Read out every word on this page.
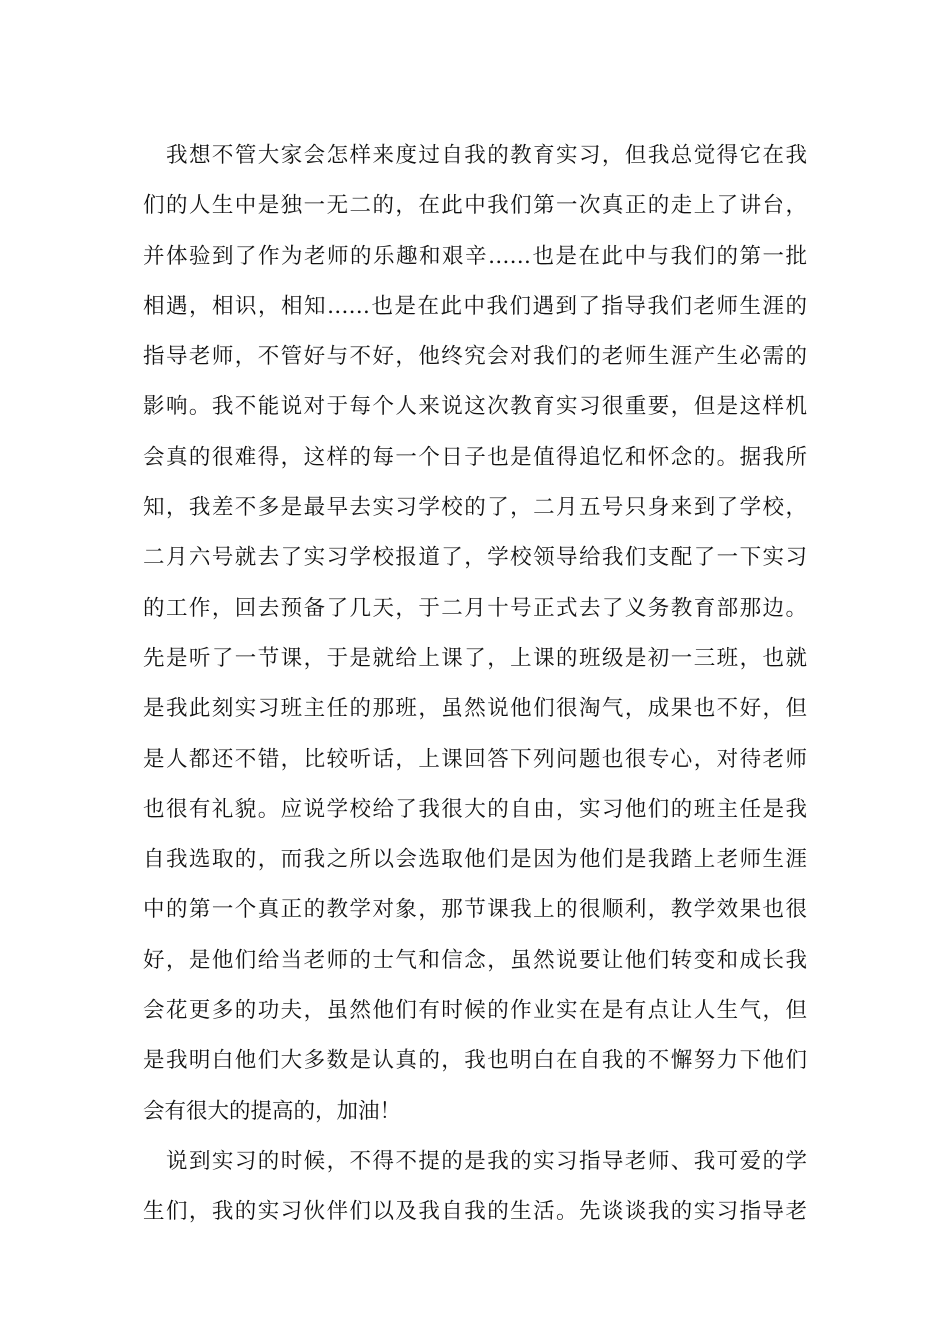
我想不管大家会怎样来度过自我的教育实习，但我总觉得它在我
们的人生中是独一无二的，在此中我们第一次真正的走上了讲台，
并体验到了作为老师的乐趣和艰辛……也是在此中与我们的第一批
相遇，相识，相知……也是在此中我们遇到了指导我们老师生涯的
指导老师，不管好与不好，他终究会对我们的老师生涯产生必需的
影响。我不能说对于每个人来说这次教育实习很重要，但是这样机
会真的很难得，这样的每一个日子也是值得追忆和怀念的。据我所
知，我差不多是最早去实习学校的了，二月五号只身来到了学校，
二月六号就去了实习学校报道了，学校领导给我们支配了一下实习
的工作，回去预备了几天，于二月十号正式去了义务教育部那边。
先是听了一节课，于是就给上课了，上课的班级是初一三班，也就
是我此刻实习班主任的那班，虽然说他们很淘气，成果也不好，但
是人都还不错，比较听话，上课回答下列问题也很专心，对待老师
也很有礼貌。应说学校给了我很大的自由，实习他们的班主任是我
自我选取的，而我之所以会选取他们是因为他们是我踏上老师生涯
中的第一个真正的教学对象，那节课我上的很顺利，教学效果也很
好，是他们给当老师的士气和信念，虽然说要让他们转变和成长我
会花更多的功夫，虽然他们有时候的作业实在是有点让人生气，但
是我明白他们大多数是认真的，我也明白在自我的不懈努力下他们
会有很大的提高的，加油！
说到实习的时候，不得不提的是我的实习指导老师、我可爱的学
生们，我的实习伙伴们以及我自我的生活。先谈谈我的实习指导老
